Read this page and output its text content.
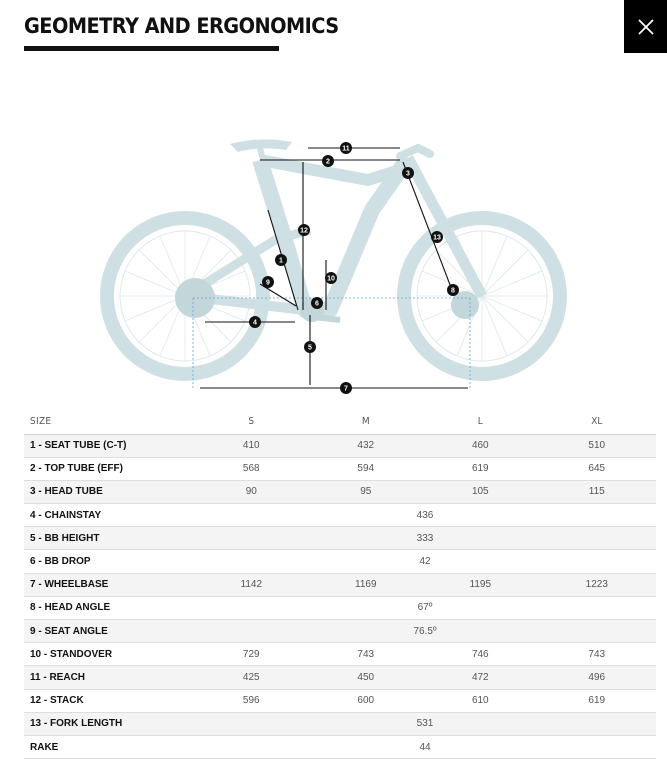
GEOMETRY AND ERGONOMICS
1
2
3
4
5
6
7
8
9
10
11
12
13
SIZE	S	M	L	XL
1 - SEAT TUBE (C-T)	410	432	460	510
2 - TOP TUBE (EFF)	568	594	619	645
3 - HEAD TUBE	90	95	105	115
4 - CHAINSTAY	436			
5 - BB HEIGHT	333			
6 - BB DROP	42			
7 - WHEELBASE	1142	1169	1195	1223
8 - HEAD ANGLE	67º			
9 - SEAT ANGLE	76.5º			
10 - STANDOVER	729	743	746	743
11 - REACH	425	450	472	496
12 - STACK	596	600	610	619
13 - FORK LENGTH	531			
RAKE	44			
